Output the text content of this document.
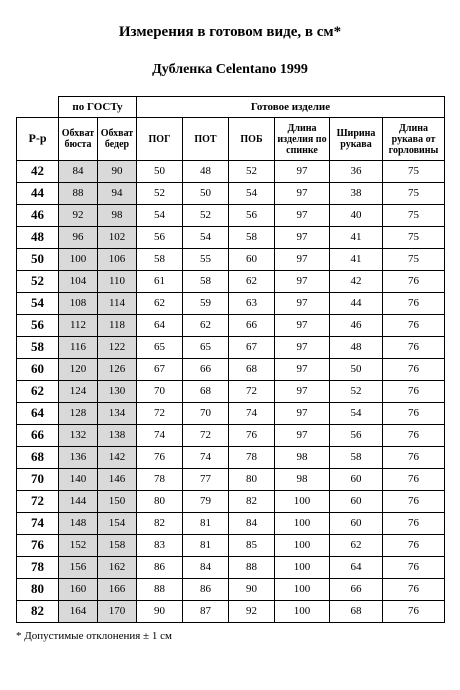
Измерения в готовом виде, в см*
Дубленка Celentano 1999
	по ГОСТу		Готовое изделие					
Р-р	Обхват бюста	Обхват бедер	ПОГ	ПОТ	ПОБ	Длина изделия по спинке	Ширина рукава	Длина рукава от горловины
42	84	90	50	48	52	97	36	75
44	88	94	52	50	54	97	38	75
46	92	98	54	52	56	97	40	75
48	96	102	56	54	58	97	41	75
50	100	106	58	55	60	97	41	75
52	104	110	61	58	62	97	42	76
54	108	114	62	59	63	97	44	76
56	112	118	64	62	66	97	46	76
58	116	122	65	65	67	97	48	76
60	120	126	67	66	68	97	50	76
62	124	130	70	68	72	97	52	76
64	128	134	72	70	74	97	54	76
66	132	138	74	72	76	97	56	76
68	136	142	76	74	78	98	58	76
70	140	146	78	77	80	98	60	76
72	144	150	80	79	82	100	60	76
74	148	154	82	81	84	100	60	76
76	152	158	83	81	85	100	62	76
78	156	162	86	84	88	100	64	76
80	160	166	88	86	90	100	66	76
82	164	170	90	87	92	100	68	76
* Допустимые отклонения ± 1 см
